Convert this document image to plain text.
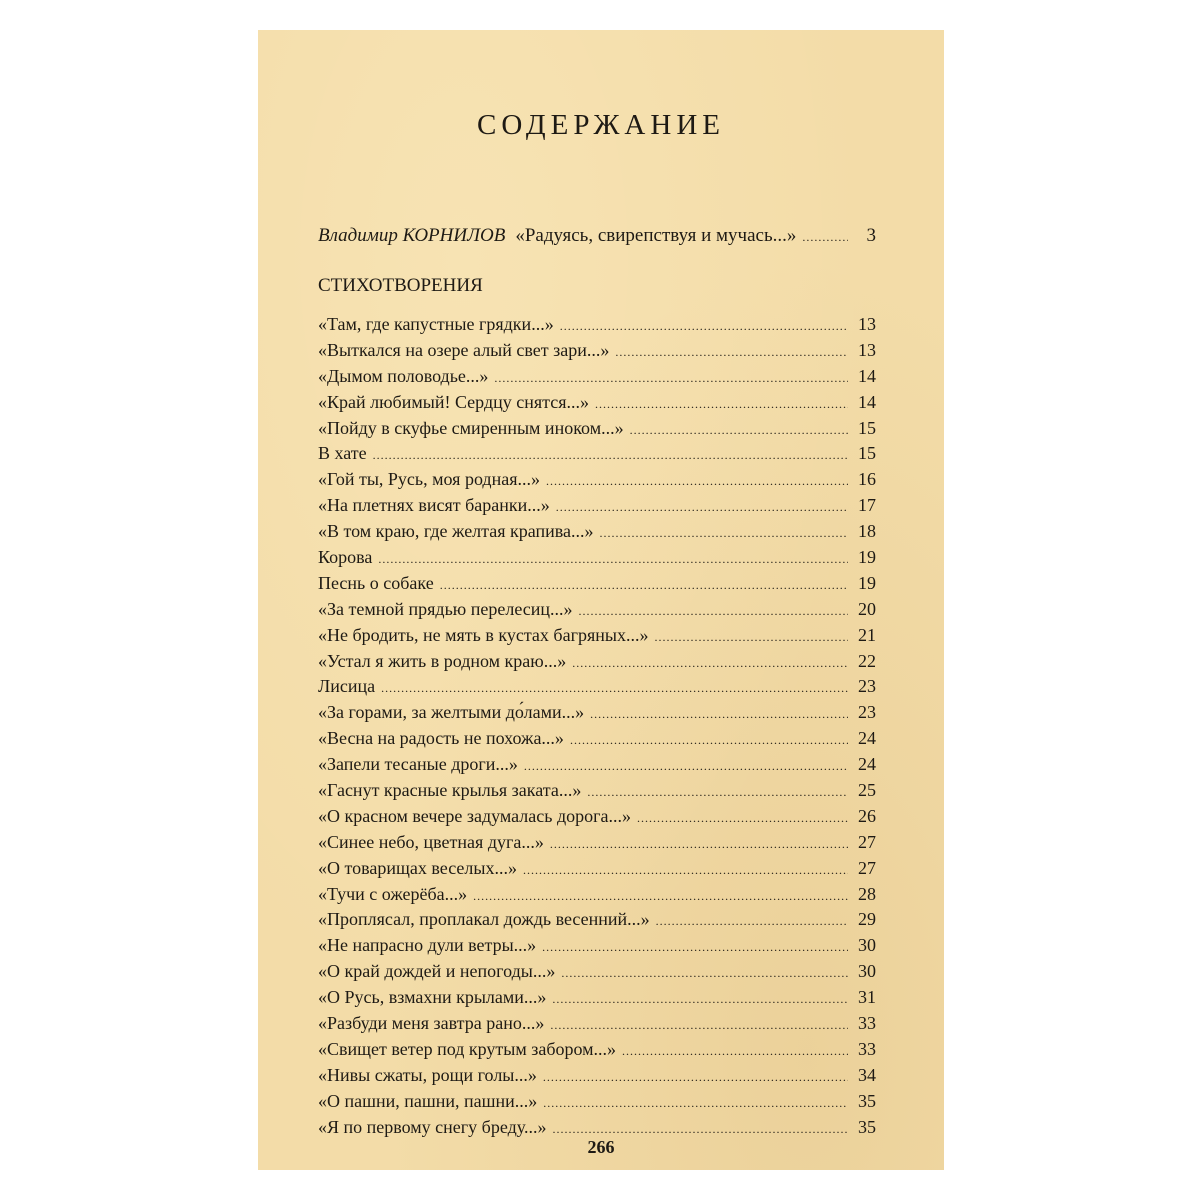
СОДЕРЖАНИЕ
Владимир КОРНИЛОВ «Радуясь, свирепствуя и мучась...» .....	3
СТИХОТВОРЕНИЯ
«Там, где капустные грядки...» .....	13
«Выткался на озере алый свет зари...» .....	13
«Дымом половодье...» .....	14
«Край любимый! Сердцу снятся...» .....	14
«Пойду в скуфье смиренным иноком...» .....	15
В хате .....	15
«Гой ты, Русь, моя родная...» .....	16
«На плетнях висят баранки...» .....	17
«В том краю, где желтая крапива...» .....	18
Корова .....	19
Песнь о собаке .....	19
«За темной прядью перелесиц...» .....	20
«Не бродить, не мять в кустах багряных...» .....	21
«Устал я жить в родном краю...» .....	22
Лисица .....	23
«За горами, за желтыми до́лами...» .....	23
«Весна на радость не похожа...» .....	24
«Запели тесаные дроги...» .....	24
«Гаснут красные крылья заката...» .....	25
«О красном вечере задумалась дорога...» .....	26
«Синее небо, цветная дуга...» .....	27
«О товарищах веселых...» .....	27
«Тучи с ожерёба...» .....	28
«Проплясал, проплакал дождь весенний...» .....	29
«Не напрасно дули ветры...» .....	30
«О край дождей и непогоды...» .....	30
«О Русь, взмахни крылами...» .....	31
«Разбуди меня завтра рано...» .....	33
«Свищет ветер под крутым забором...» .....	33
«Нивы сжаты, рощи голы...» .....	34
«О пашни, пашни, пашни...» .....	35
«Я по первому снегу бреду...» .....	35
266
